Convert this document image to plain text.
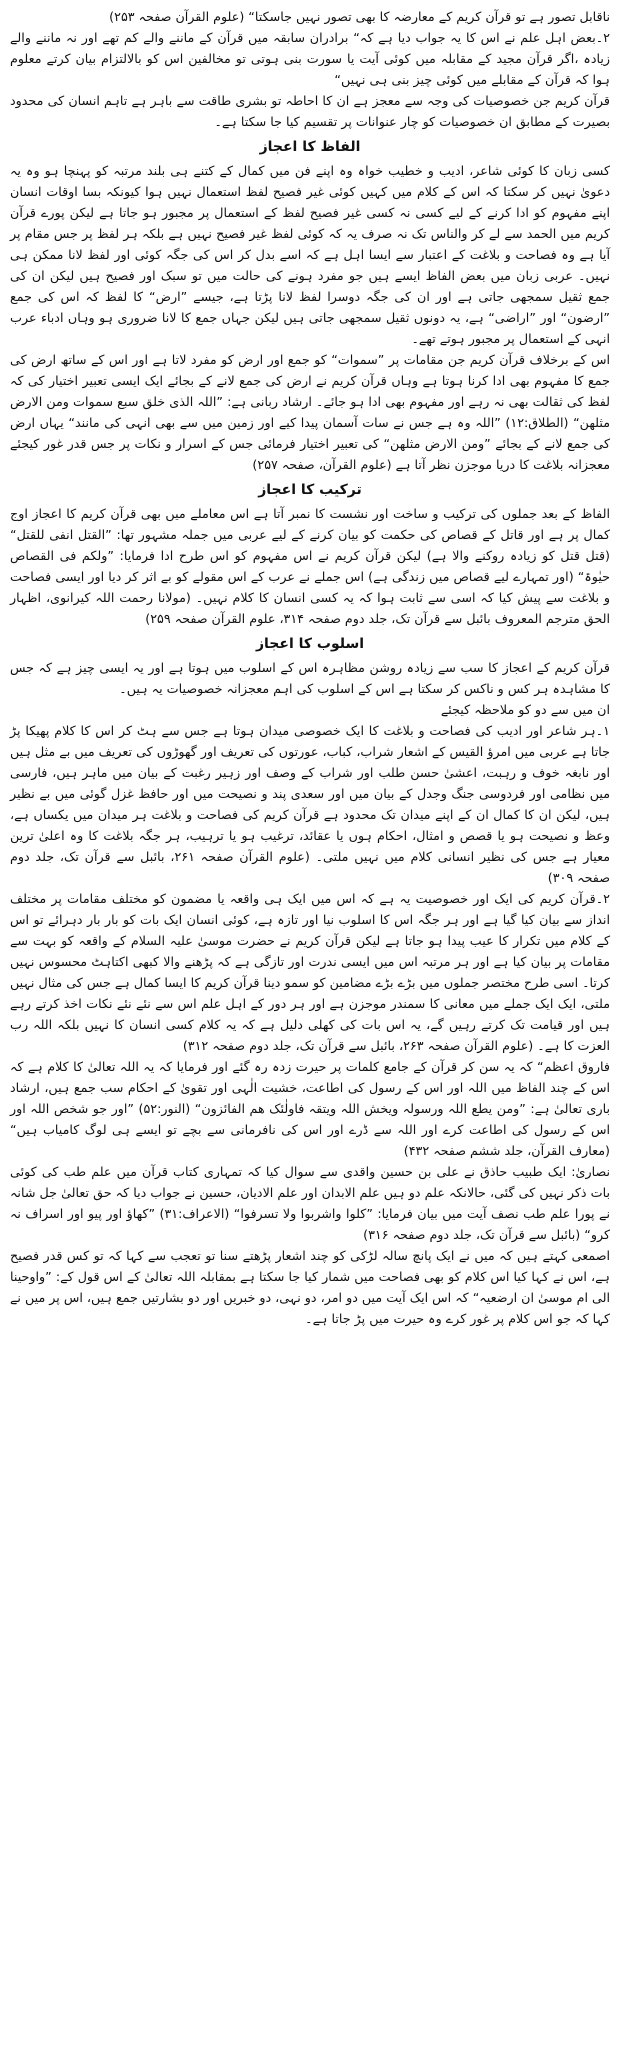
ناقابل تصور ہے تو قرآن کریم کے معارضہ کا بھی تصور نہیں جاسکتا“ (علوم القرآن صفحہ ۲۵۳)

۲۔بعض اہل علم نے اس کا یہ جواب دیا ہے کہ“ برادران سابقہ میں قرآن کے ماننے والے کم تھے اور نہ ماننے والے زیادہ ،اگر قرآن مجید کے مقابلہ میں کوئی آیت یا سورت بنی ہوتی تو مخالفین اس کو بالالتزام بیان کرتے معلوم ہوا کہ قرآن کے مقابلے میں کوئی چیز بنی ہی نہیں“

قرآن کریم جن خصوصیات کی وجہ سے معجز ہے ان کا احاطہ تو بشری طاقت سے باہر ہے تاہم انسان کی محدود بصیرت کے مطابق ان خصوصیات کو چار عنوانات پر تقسیم کیا جا سکتا ہے۔

الفاظ کا اعجاز

کسی زبان کا کوئی شاعر، ادیب و خطیب خواہ وہ اپنے فن میں کمال کے کتنے ہی بلند مرتبہ کو پہنچا ہو وہ یہ دعویٰ نہیں کر سکتا کہ اس کے کلام میں کہیں کوئی غیر فصیح لفظ استعمال نہیں ہوا کیونکہ بسا اوقات انسان اپنے مفہوم کو ادا کرنے کے لیے کسی نہ کسی غیر فصیح لفظ کے استعمال پر مجبور ہو جاتا ہے لیکن پورے قرآن کریم میں الحمد سے لے کر والناس تک نہ صرف یہ کہ کوئی لفظ غیر فصیح نہیں ہے بلکہ ہر لفظ پر جس مقام پر آیا ہے وہ فصاحت و بلاغت کے اعتبار سے ایسا اہل ہے کہ اسے بدل کر اس کی جگہ کوئی اور لفظ لانا ممکن ہی نہیں۔ عربی زبان میں بعض الفاظ ایسے ہیں جو مفرد ہونے کی حالت میں تو سبک اور فصیح ہیں لیکن ان کی جمع ثقیل سمجھی جاتی ہے اور ان کی جگہ دوسرا لفظ لانا پڑتا ہے، جیسے ”ارض“ کا لفظ کہ اس کی جمع ”ارضون“ اور ”اراضی“ ہے، یہ دونوں ثقیل سمجھی جاتی ہیں لیکن جہاں جمع کا لانا ضروری ہو وہاں ادباء عرب انہی کے استعمال پر مجبور ہوتے تھے۔

اس کے برخلاف قرآن کریم جن مقامات پر ”سموات“ کو جمع اور ارض کو مفرد لاتا ہے اور اس کے ساتھ ارض کی جمع کا مفہوم بھی ادا کرنا ہوتا ہے وہاں قرآن کریم نے ارض کی جمع لانے کے بجائے ایک ایسی تعبیر اختیار کی کہ لفظ کی ثقالت بھی نہ رہے اور مفہوم بھی ادا ہو جائے۔ ارشاد ربانی ہے: ”اللہ الذی خلق سبع سموات ومن الارض مثلھن“ (الطلاق:۱۲) ”اللہ وہ ہے جس نے سات آسمان پیدا کیے اور زمین میں سے بھی انہی کی مانند“ یہاں ارض کی جمع لانے کے بجائے ”ومن الارض مثلھن“ کی تعبیر اختیار فرمائی جس کے اسرار و نکات پر جس قدر غور کیجئے معجزانہ بلاغت کا دریا موجزن نظر آتا ہے (علوم القرآن، صفحہ ۲۵۷)

ترکیب کا اعجاز

الفاظ کے بعد جملوں کی ترکیب و ساخت اور نشست کا نمبر آتا ہے اس معاملے میں بھی قرآن کریم کا اعجاز اوج کمال پر ہے اور قاتل کے قصاص کی حکمت کو بیان کرنے کے لیے عربی میں جملہ مشہور تھا: ”القتل انفی للقتل“ (قتل قتل کو زیادہ روکنے والا ہے) لیکن قرآن کریم نے اس مفہوم کو اس طرح ادا فرمایا: ”ولکم فی القصاص حیٰوۃ“ (اور تمہارے لیے قصاص میں زندگی ہے) اس جملے نے عرب کے اس مقولے کو بے اثر کر دیا اور ایسی فصاحت و بلاغت سے پیش کیا کہ اسی سے ثابت ہوا کہ یہ کسی انسان کا کلام نہیں۔ (مولانا رحمت اللہ کیرانوی، اظہار الحق مترجم المعروف بائبل سے قرآن تک، جلد دوم صفحہ ۳۱۴، علوم القرآن صفحہ ۲۵۹)

اسلوب کا اعجاز

قرآن کریم کے اعجاز کا سب سے زیادہ روشن مظاہرہ اس کے اسلوب میں ہوتا ہے اور یہ ایسی چیز ہے کہ جس کا مشاہدہ ہر کس و ناکس کر سکتا ہے اس کے اسلوب کی اہم معجزانہ خصوصیات یہ ہیں۔

ان میں سے دو کو ملاحظہ کیجئے

۱۔ہر شاعر اور ادیب کی فصاحت و بلاغت کا ایک خصوصی میدان ہوتا ہے جس سے ہٹ کر اس کا کلام پھیکا پڑ جاتا ہے عربی میں امرؤ القیس کے اشعار شراب، کباب، عورتوں کی تعریف اور گھوڑوں کی تعریف میں بے مثل ہیں اور نابغہ خوف و رہبت، اعشیٰ حسن طلب اور شراب کے وصف اور زہیر رغبت کے بیان میں ماہر ہیں، فارسی میں نظامی اور فردوسی جنگ وجدل کے بیان میں اور سعدی پند و نصیحت میں اور حافظ غزل گوئی میں بے نظیر ہیں، لیکن ان کا کمال ان کے اپنے میدان تک محدود ہے قرآن کریم کی فصاحت و بلاغت ہر میدان میں یکساں ہے، وعظ و نصیحت ہو یا قصص و امثال، احکام ہوں یا عقائد، ترغیب ہو یا ترہیب، ہر جگہ بلاغت کا وہ اعلیٰ ترین معیار ہے جس کی نظیر انسانی کلام میں نہیں ملتی۔ (علوم القرآن صفحہ ۲۶۱، بائبل سے قرآن تک، جلد دوم صفحہ ۳۰۹)

۲۔قرآن کریم کی ایک اور خصوصیت یہ ہے کہ اس میں ایک ہی واقعہ یا مضمون کو مختلف مقامات پر مختلف انداز سے بیان کیا گیا ہے اور ہر جگہ اس کا اسلوب نیا اور تازہ ہے، کوئی انسان ایک بات کو بار بار دہرائے تو اس کے کلام میں تکرار کا عیب پیدا ہو جاتا ہے لیکن قرآن کریم نے حضرت موسیٰ علیہ السلام کے واقعہ کو بہت سے مقامات پر بیان کیا ہے اور ہر مرتبہ اس میں ایسی ندرت اور تازگی ہے کہ پڑھنے والا کبھی اکتاہٹ محسوس نہیں کرتا۔ اسی طرح مختصر جملوں میں بڑے بڑے مضامین کو سمو دینا قرآن کریم کا ایسا کمال ہے جس کی مثال نہیں ملتی، ایک ایک جملے میں معانی کا سمندر موجزن ہے اور ہر دور کے اہل علم اس سے نئے نئے نکات اخذ کرتے رہے ہیں اور قیامت تک کرتے رہیں گے، یہ اس بات کی کھلی دلیل ہے کہ یہ کلام کسی انسان کا نہیں بلکہ اللہ رب العزت کا ہے۔ (علوم القرآن صفحہ ۲۶۳، بائبل سے قرآن تک، جلد دوم صفحہ ۳۱۲)

فاروق اعظم“ کہ یہ سن کر قرآن کے جامع کلمات پر حیرت زدہ رہ گئے اور فرمایا کہ یہ اللہ تعالیٰ کا کلام ہے کہ اس کے چند الفاظ میں اللہ اور اس کے رسول کی اطاعت، خشیت الٰہی اور تقویٰ کے احکام سب جمع ہیں، ارشاد باری تعالیٰ ہے: ”ومن یطع اللہ ورسولہ ویخش اللہ ویتقہ فاولٰئک ھم الفائزون“ (النور:۵۲) ”اور جو شخص اللہ اور اس کے رسول کی اطاعت کرے اور اللہ سے ڈرے اور اس کی نافرمانی سے بچے تو ایسے ہی لوگ کامیاب ہیں“ (معارف القرآن، جلد ششم صفحہ ۴۳۲)

نصاریٰ: ایک طبیب حاذق نے علی بن حسین واقدی سے سوال کیا کہ تمہاری کتاب قرآن میں علم طب کی کوئی بات ذکر نہیں کی گئی، حالانکہ علم دو ہیں علم الابدان اور علم الادیان، حسین نے جواب دیا کہ حق تعالیٰ جل شانہ نے پورا علم طب نصف آیت میں بیان فرمایا: ”کلوا واشربوا ولا تسرفوا“ (الاعراف:۳۱) ”کھاؤ اور پیو اور اسراف نہ کرو“ (بائبل سے قرآن تک، جلد دوم صفحہ ۳۱۶)

اصمعی کہتے ہیں کہ میں نے ایک پانچ سالہ لڑکی کو چند اشعار پڑھتے سنا تو تعجب سے کہا کہ تو کس قدر فصیح ہے، اس نے کہا کیا اس کلام کو بھی فصاحت میں شمار کیا جا سکتا ہے بمقابلہ اللہ تعالیٰ کے اس قول کے: ”واوحینا الی ام موسیٰ ان ارضعیہ“ کہ اس ایک آیت میں دو امر، دو نہی، دو خبریں اور دو بشارتیں جمع ہیں، اس پر میں نے کہا کہ جو اس کلام پر غور کرے وہ حیرت میں پڑ جاتا ہے۔
